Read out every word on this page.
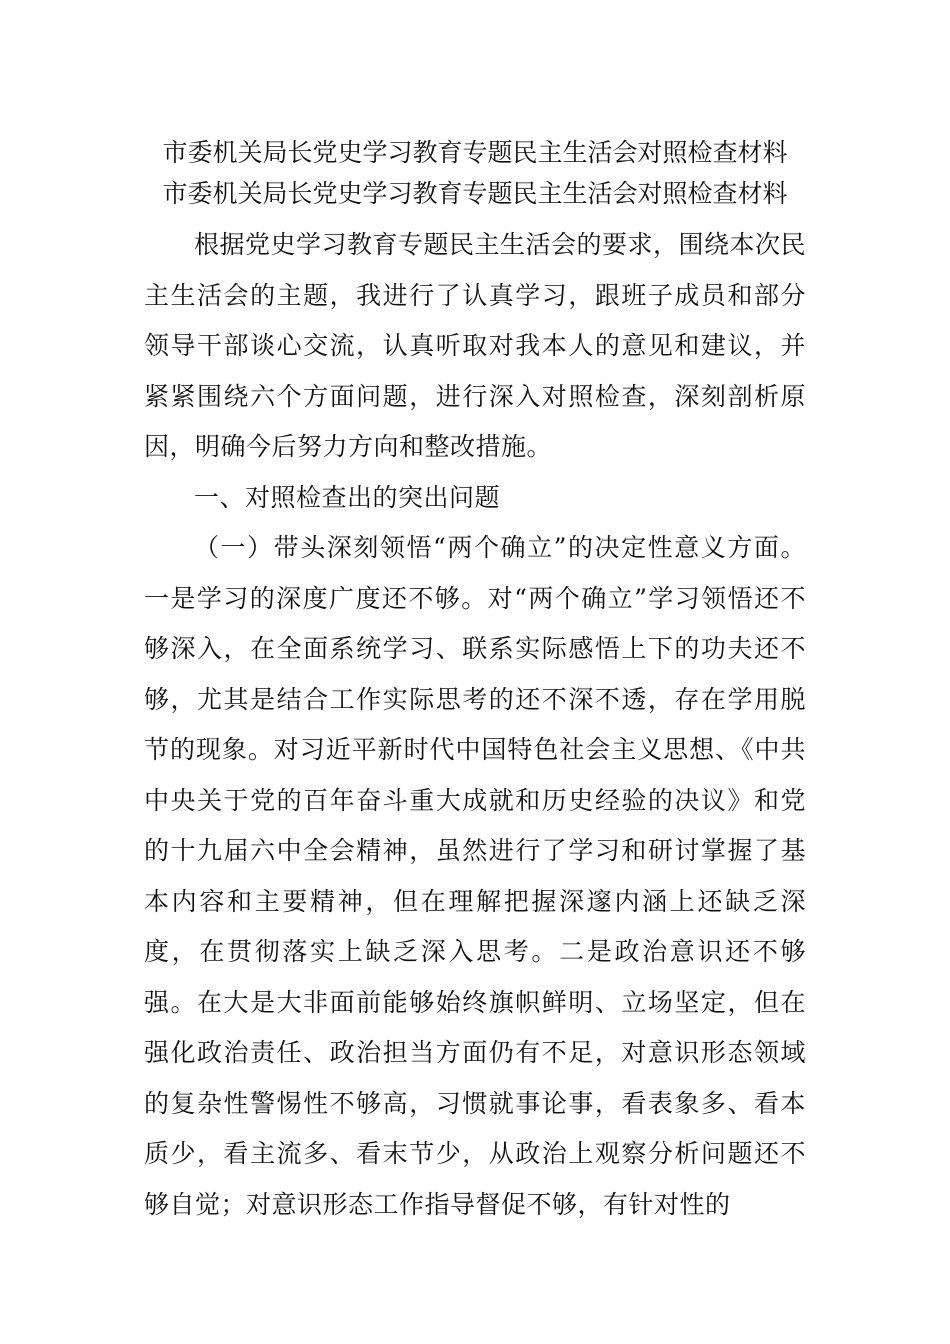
市委机关局长党史学习教育专题民主生活会对照检查材料
市委机关局长党史学习教育专题民主生活会对照检查材料

根据党史学习教育专题民主生活会的要求，围绕本次民主生活会的主题，我进行了认真学习，跟班子成员和部分领导干部谈心交流，认真听取对我本人的意见和建议，并紧紧围绕六个方面问题，进行深入对照检查，深刻剖析原因，明确今后努力方向和整改措施。

一、对照检查出的突出问题

（一）带头深刻领悟“两个确立”的决定性意义方面。一是学习的深度广度还不够。对“两个确立”学习领悟还不够深入，在全面系统学习、联系实际感悟上下的功夫还不够，尤其是结合工作实际思考的还不深不透，存在学用脱节的现象。对习近平新时代中国特色社会主义思想、《中共中央关于党的百年奋斗重大成就和历史经验的决议》和党的十九届六中全会精神，虽然进行了学习和研讨掌握了基本内容和主要精神，但在理解把握深邃内涵上还缺乏深度，在贯彻落实上缺乏深入思考。二是政治意识还不够强。在大是大非面前能够始终旗帜鲜明、立场坚定，但在强化政治责任、政治担当方面仍有不足，对意识形态领域的复杂性警惕性不够高，习惯就事论事，看表象多、看本质少，看主流多、看末节少，从政治上观察分析问题还不够自觉；对意识形态工作指导督促不够，有针对性的
